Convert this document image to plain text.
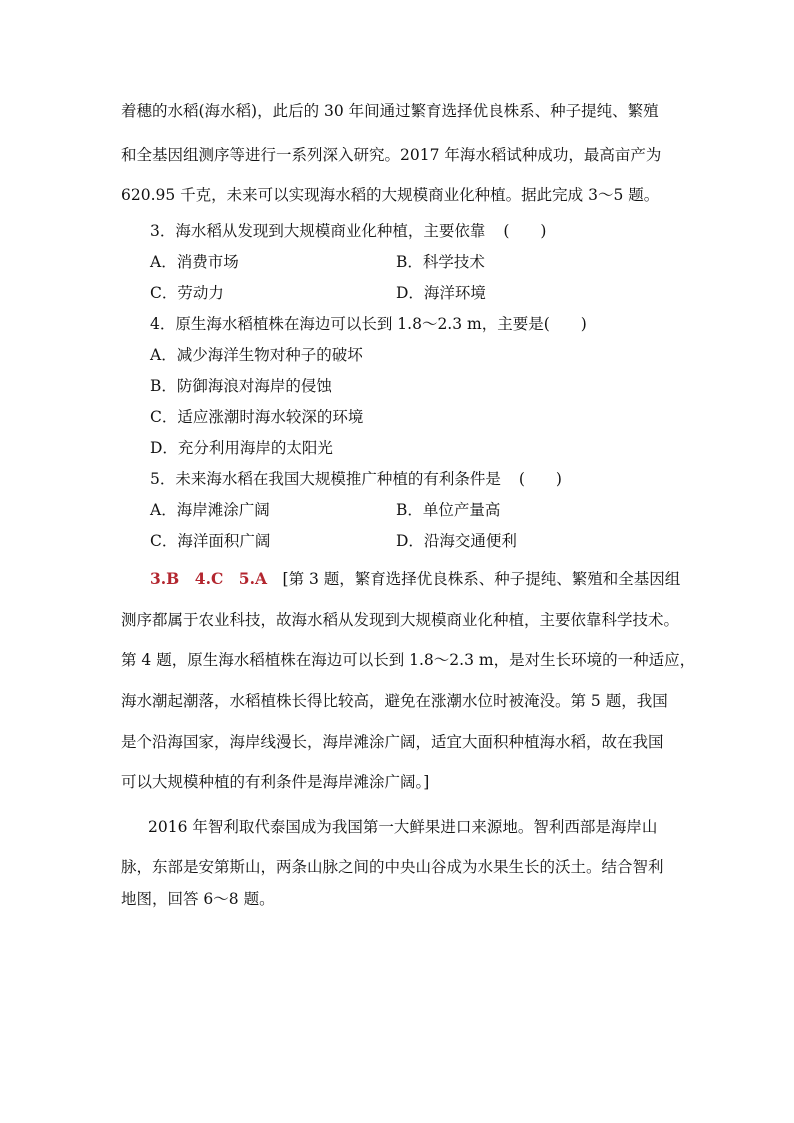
着穗的水稻(海水稻)，此后的 30 年间通过繁育选择优良株系、种子提纯、繁殖
和全基因组测序等进行一系列深入研究。2017 年海水稻试种成功，最高亩产为
620.95 千克，未来可以实现海水稻的大规模商业化种植。据此完成 3～5 题。
3．海水稻从发现到大规模商业化种植，主要依靠 (　　)
A．消费市场	B．科学技术
C．劳动力	D．海洋环境
4．原生海水稻植株在海边可以长到 1.8～2.3 m，主要是(　　)
A．减少海洋生物对种子的破坏
B．防御海浪对海岸的侵蚀
C．适应涨潮时海水较深的环境
D．充分利用海岸的太阳光
5．未来海水稻在我国大规模推广种植的有利条件是 (　　)
A．海岸滩涂广阔	B．单位产量高
C．海洋面积广阔	D．沿海交通便利
3.B　4.C　5.A　 [第 3 题，繁育选择优良株系、种子提纯、繁殖和全基因组
测序都属于农业科技，故海水稻从发现到大规模商业化种植，主要依靠科学技术。
第 4 题，原生海水稻植株在海边可以长到 1.8～2.3 m，是对生长环境的一种适应，
海水潮起潮落，水稻植株长得比较高，避免在涨潮水位时被淹没。第 5 题，我国
是个沿海国家，海岸线漫长，海岸滩涂广阔，适宜大面积种植海水稻，故在我国
可以大规模种植的有利条件是海岸滩涂广阔。]
2016 年智利取代泰国成为我国第一大鲜果进口来源地。智利西部是海岸山
脉，东部是安第斯山，两条山脉之间的中央山谷成为水果生长的沃土。结合智利
地图，回答 6～8 题。
